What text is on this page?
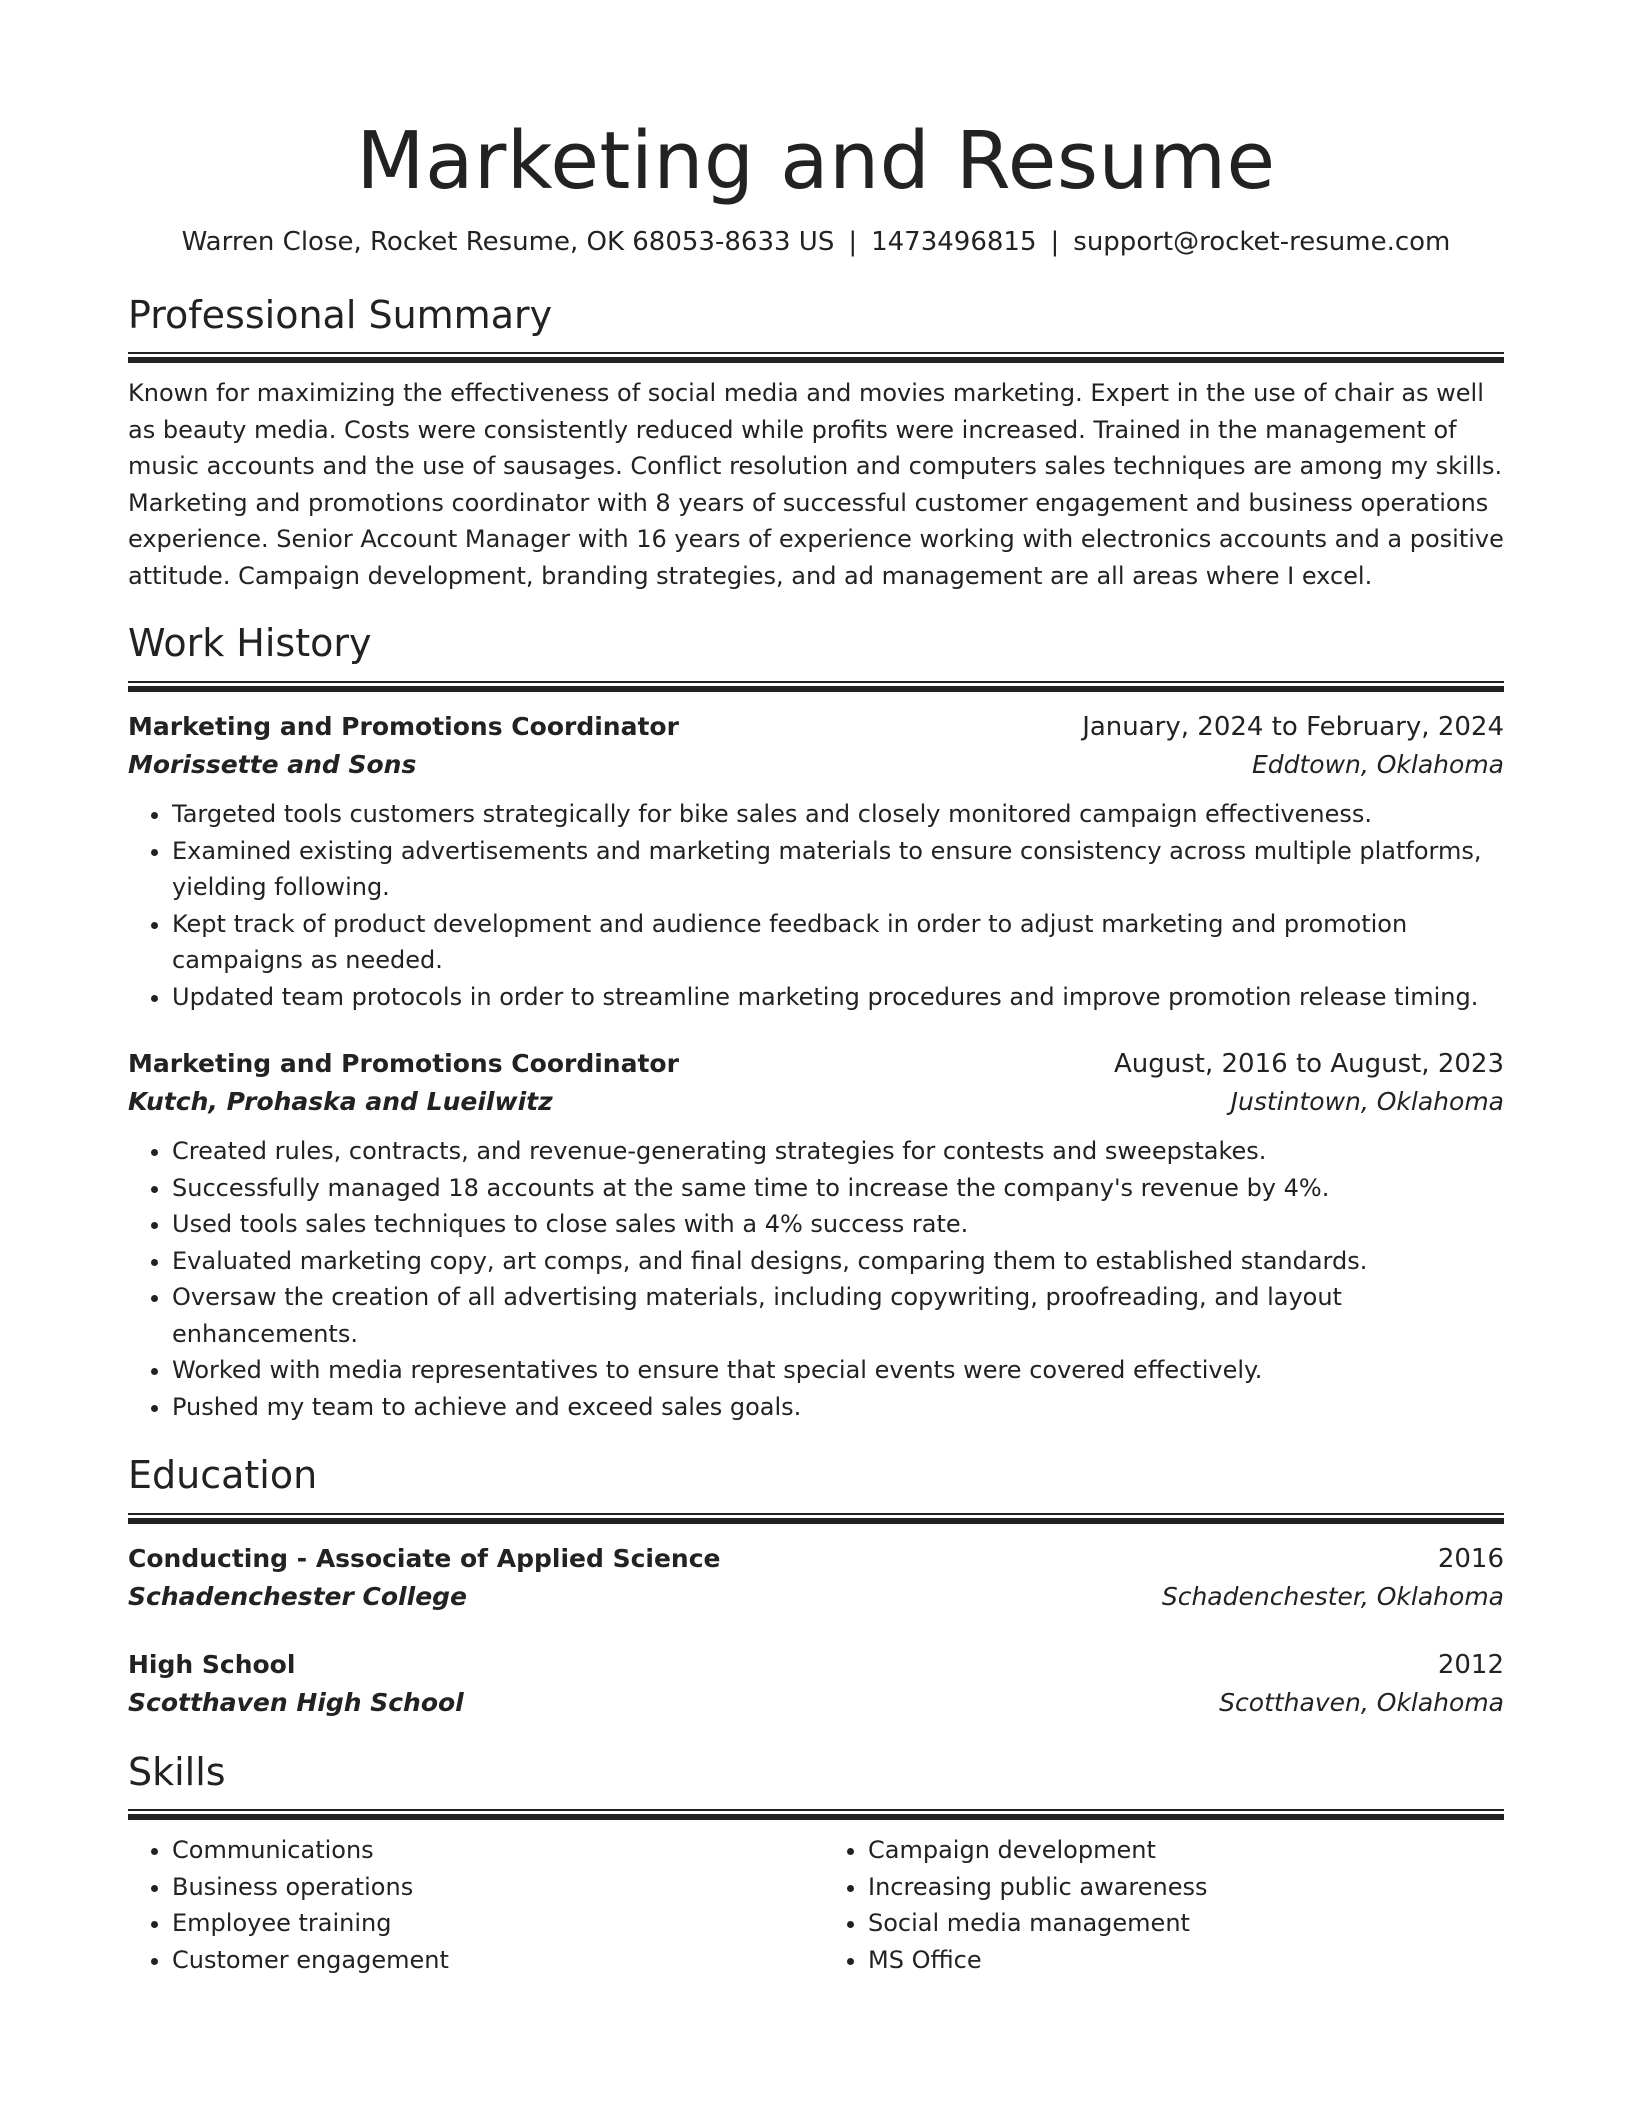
Marketing and Resume
Warren Close, Rocket Resume, OK 68053-8633 US | 1473496815 | support@rocket-resume.com
Professional Summary
Known for maximizing the effectiveness of social media and movies marketing. Expert in the use of chair as well as beauty media. Costs were consistently reduced while profits were increased. Trained in the management of music accounts and the use of sausages. Conflict resolution and computers sales techniques are among my skills. Marketing and promotions coordinator with 8 years of successful customer engagement and business operations experience. Senior Account Manager with 16 years of experience working with electronics accounts and a positive attitude. Campaign development, branding strategies, and ad management are all areas where I excel.
Work History
Marketing and Promotions Coordinator	January, 2024 to February, 2024
Morissette and Sons	Eddtown, Oklahoma
• Targeted tools customers strategically for bike sales and closely monitored campaign effectiveness.
• Examined existing advertisements and marketing materials to ensure consistency across multiple platforms, yielding following.
• Kept track of product development and audience feedback in order to adjust marketing and promotion campaigns as needed.
• Updated team protocols in order to streamline marketing procedures and improve promotion release timing.
Marketing and Promotions Coordinator	August, 2016 to August, 2023
Kutch, Prohaska and Lueilwitz	Justintown, Oklahoma
• Created rules, contracts, and revenue-generating strategies for contests and sweepstakes.
• Successfully managed 18 accounts at the same time to increase the company's revenue by 4%.
• Used tools sales techniques to close sales with a 4% success rate.
• Evaluated marketing copy, art comps, and final designs, comparing them to established standards.
• Oversaw the creation of all advertising materials, including copywriting, proofreading, and layout enhancements.
• Worked with media representatives to ensure that special events were covered effectively.
• Pushed my team to achieve and exceed sales goals.
Education
Conducting - Associate of Applied Science	2016
Schadenchester College	Schadenchester, Oklahoma
High School	2012
Scotthaven High School	Scotthaven, Oklahoma
Skills
• Communications
• Business operations
• Employee training
• Customer engagement
• Campaign development
• Increasing public awareness
• Social media management
• MS Office
